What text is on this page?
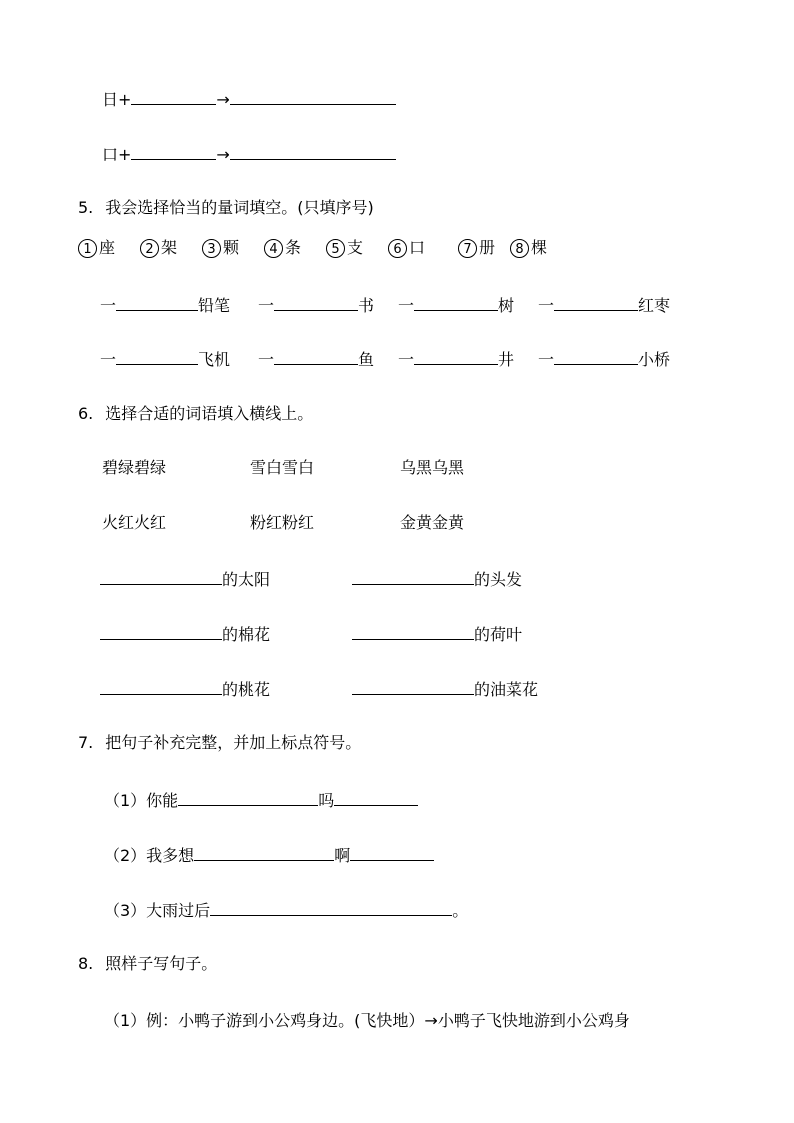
日+	→
口+	→
5. 我会选择恰当的量词填空。(只填序号)
1 座	2 架	3 颗	4 条	5 支	6 口	7 册	8 棵
一	铅笔 一	书 一	树 一	红枣
一	飞机 一	鱼 一	井 一	小桥
6. 选择合适的词语填入横线上。
碧绿碧绿	雪白雪白	乌黑乌黑
火红火红	粉红粉红	金黄金黄
的太阳	的头发
的棉花	的荷叶
的桃花	的油菜花
7. 把句子补充完整，并加上标点符号。
（1）你能	吗
（2）我多想	啊
（3）大雨过后	。
8. 照样子写句子。
（1）例：小鸭子游到小公鸡身边。(飞快地）→小鸭子飞快地游到小公鸡身
